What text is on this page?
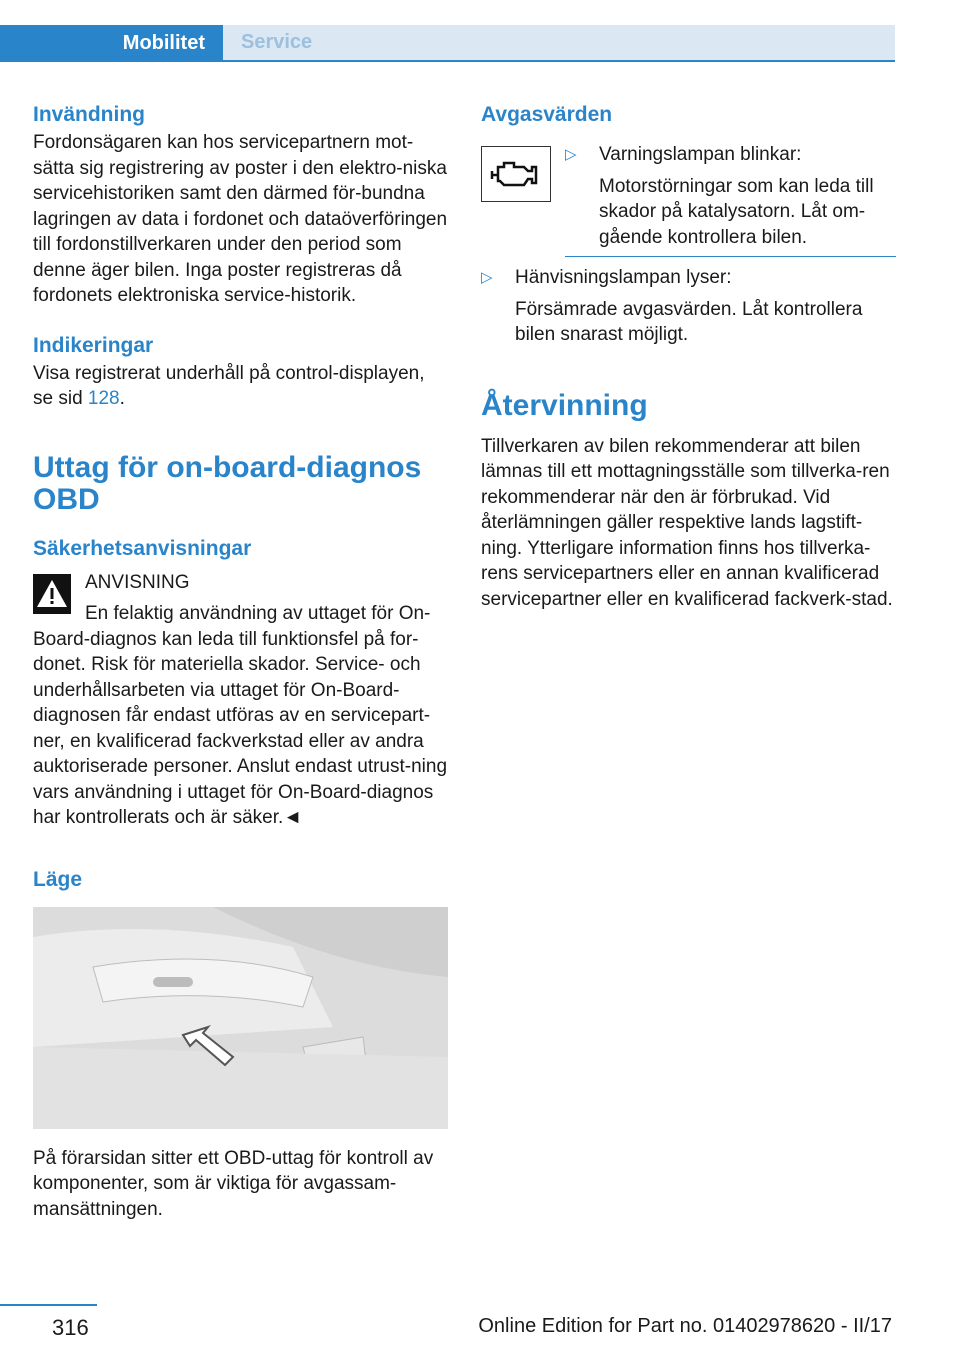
Mobilitet	Service
Invändning

Fordonsägaren kan hos servicepartnern mot-sätta sig registrering av poster i den elektro-niska servicehistoriken samt den därmed för-bundna lagringen av data i fordonet och dataöverföringen till fordonstillverkaren under den period som denne äger bilen. Inga poster registreras då fordonets elektroniska service-historik.

Indikeringar

Visa registrerat underhåll på control-displayen, se sid 128.

Uttag för on-board-diagnos OBD
Säkerhetsanvisningar

ANVISNING

En felaktig användning av uttaget för On-

Board-diagnos kan leda till funktionsfel på for-donet. Risk för materiella skador. Service- och underhållsarbeten via uttaget för On-Board-diagnosen får endast utföras av en servicepart-ner, en kvalificerad fackverkstad eller av andra auktoriserade personer. Anslut endast utrust-ning vars användning i uttaget för On-Board-diagnos har kontrollerats och är säker.◄

Läge

På förarsidan sitter ett OBD-uttag för kontroll av komponenter, som är viktiga för avgassam-mansättningen.

Avgasvärden
▷ Varningslampan blinkar:

Motorstörningar som kan leda till skador på katalysatorn. Låt om-gående kontrollera bilen.

▷ Hänvisningslampan lyser:

Försämrade avgasvärden. Låt kontrollera bilen snarast möjligt.

Återvinning

Tillverkaren av bilen rekommenderar att bilen lämnas till ett mottagningsställe som tillverka-ren rekommenderar när den är förbrukad. Vid återlämningen gäller respektive lands lagstift-ning. Ytterligare information finns hos tillverka-rens servicepartners eller en annan kvalificerad servicepartner eller en kvalificerad fackverk-stad.

316	Online Edition for Part no. 01402978620 - II/17
